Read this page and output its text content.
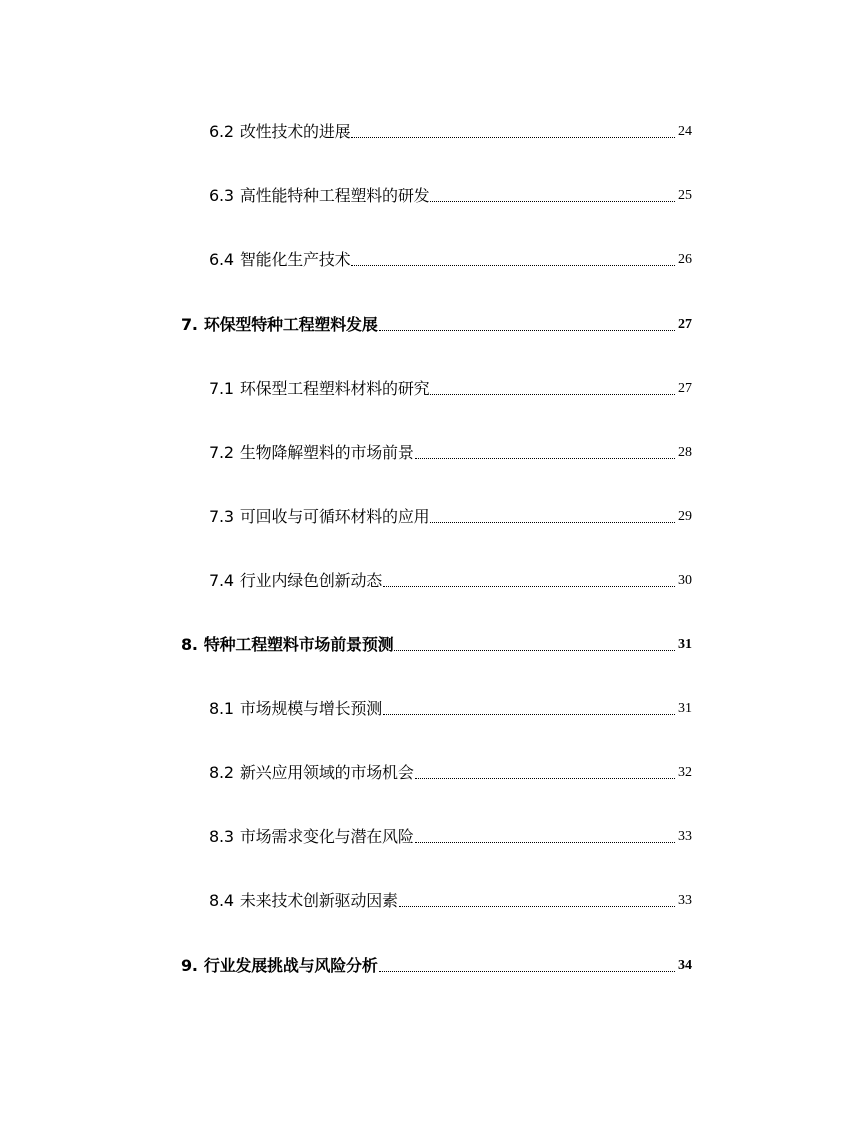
6.2 改性技术的进展	24
6.3 高性能特种工程塑料的研发	25
6.4 智能化生产技术	26
7. 环保型特种工程塑料发展	27
7.1 环保型工程塑料材料的研究	27
7.2 生物降解塑料的市场前景	28
7.3 可回收与可循环材料的应用	29
7.4 行业内绿色创新动态	30
8. 特种工程塑料市场前景预测	31
8.1 市场规模与增长预测	31
8.2 新兴应用领域的市场机会	32
8.3 市场需求变化与潜在风险	33
8.4 未来技术创新驱动因素	33
9. 行业发展挑战与风险分析	34
